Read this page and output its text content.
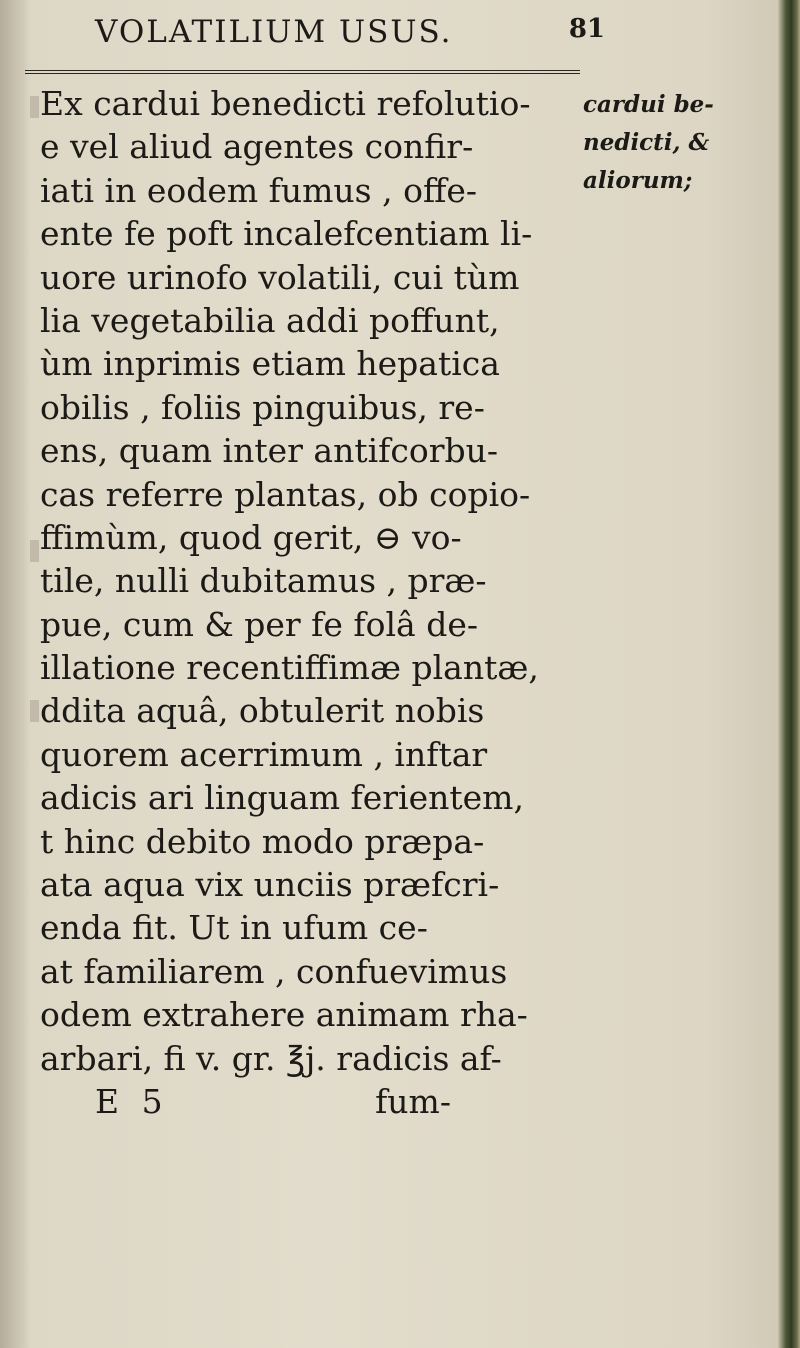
VOLATILIUM USUS.	81
Ex cardui benedicti refolutio-
e vel aliud agentes confir-
iati in eodem fumus , offe-
ente fe poft incalefcentiam li-
uore urinofo volatili, cui tùm
lia vegetabilia addi poffunt,
ùm inprimis etiam hepatica
obilis , foliis pinguibus, re-
ens, quam inter antifcorbu-
cas referre plantas, ob copio-
ffimùm, quod gerit, ⊖ vo-
tile, nulli dubitamus , præ-
pue, cum & per fe folâ de-
illatione recentiffimæ plantæ,
ddita aquâ, obtulerit nobis
quorem acerrimum , inftar
adicis ari linguam ferientem,
t hinc debito modo præpa-
ata aqua vix unciis præfcri-
enda fit. Ut in ufum ce-
at familiarem , confuevimus
odem extrahere animam rha-
arbari, fi v. gr. ℥j. radicis af-
E 5	fum-
cardui be-
nedicti, &
aliorum;
